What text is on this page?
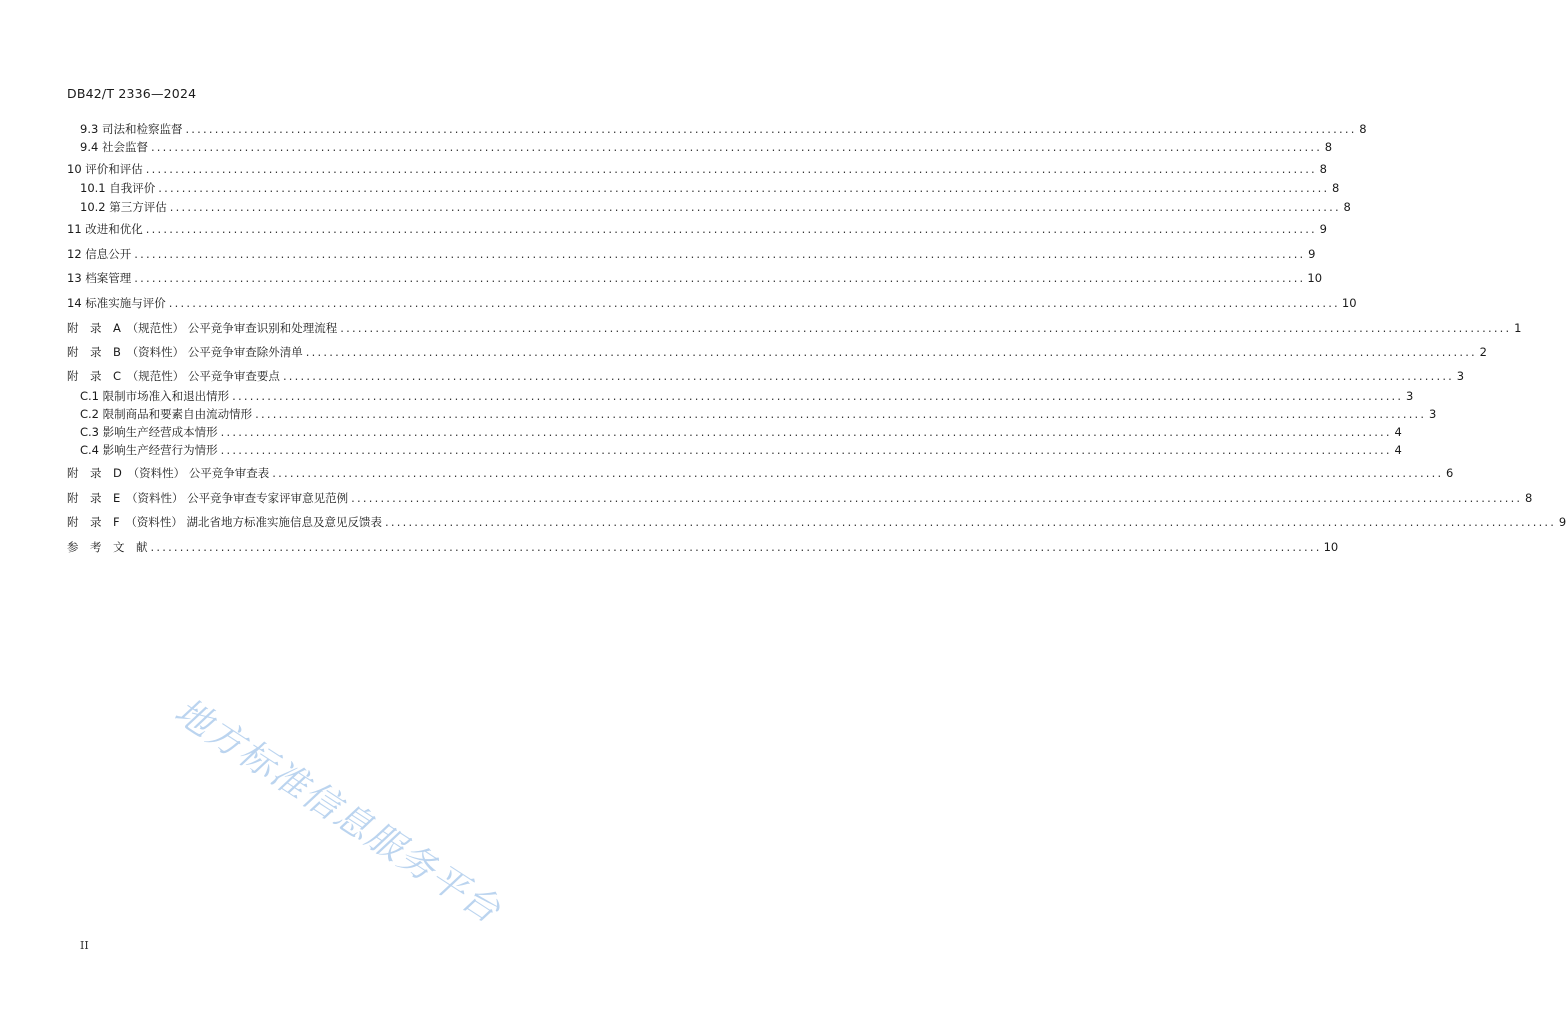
DB42/T 2336—2024
9.3 司法和检察监督 ........................................................................................................................................................................................................ 8
9.4 社会监督 ........................................................................................................................................................................................................ 8
10 评价和评估 ........................................................................................................................................................................................................ 8
10.1 自我评价 ........................................................................................................................................................................................................ 8
10.2 第三方评估 ........................................................................................................................................................................................................ 8
11 改进和优化 ........................................................................................................................................................................................................ 9
12 信息公开 ........................................................................................................................................................................................................ 9
13 档案管理 ........................................................................................................................................................................................................ 10
14 标准实施与评价 ........................................................................................................................................................................................................ 10
附　录　A　（规范性） 公平竞争审查识别和处理流程 ........................................................................................................................................................................................................ 1
附　录　B　（资料性） 公平竞争审查除外清单 ........................................................................................................................................................................................................ 2
附　录　C　（规范性） 公平竞争审查要点 ........................................................................................................................................................................................................ 3
C.1 限制市场准入和退出情形 ........................................................................................................................................................................................................ 3
C.2 限制商品和要素自由流动情形 ........................................................................................................................................................................................................ 3
C.3 影响生产经营成本情形 ........................................................................................................................................................................................................ 4
C.4 影响生产经营行为情形 ........................................................................................................................................................................................................ 4
附　录　D　（资料性） 公平竞争审查表 ........................................................................................................................................................................................................ 6
附　录　E　（资料性） 公平竞争审查专家评审意见范例 ........................................................................................................................................................................................................ 8
附　录　F　（资料性） 湖北省地方标准实施信息及意见反馈表 ........................................................................................................................................................................................................ 9
参　考　文　献 ........................................................................................................................................................................................................ 10
地方标准信息服务平台
II
